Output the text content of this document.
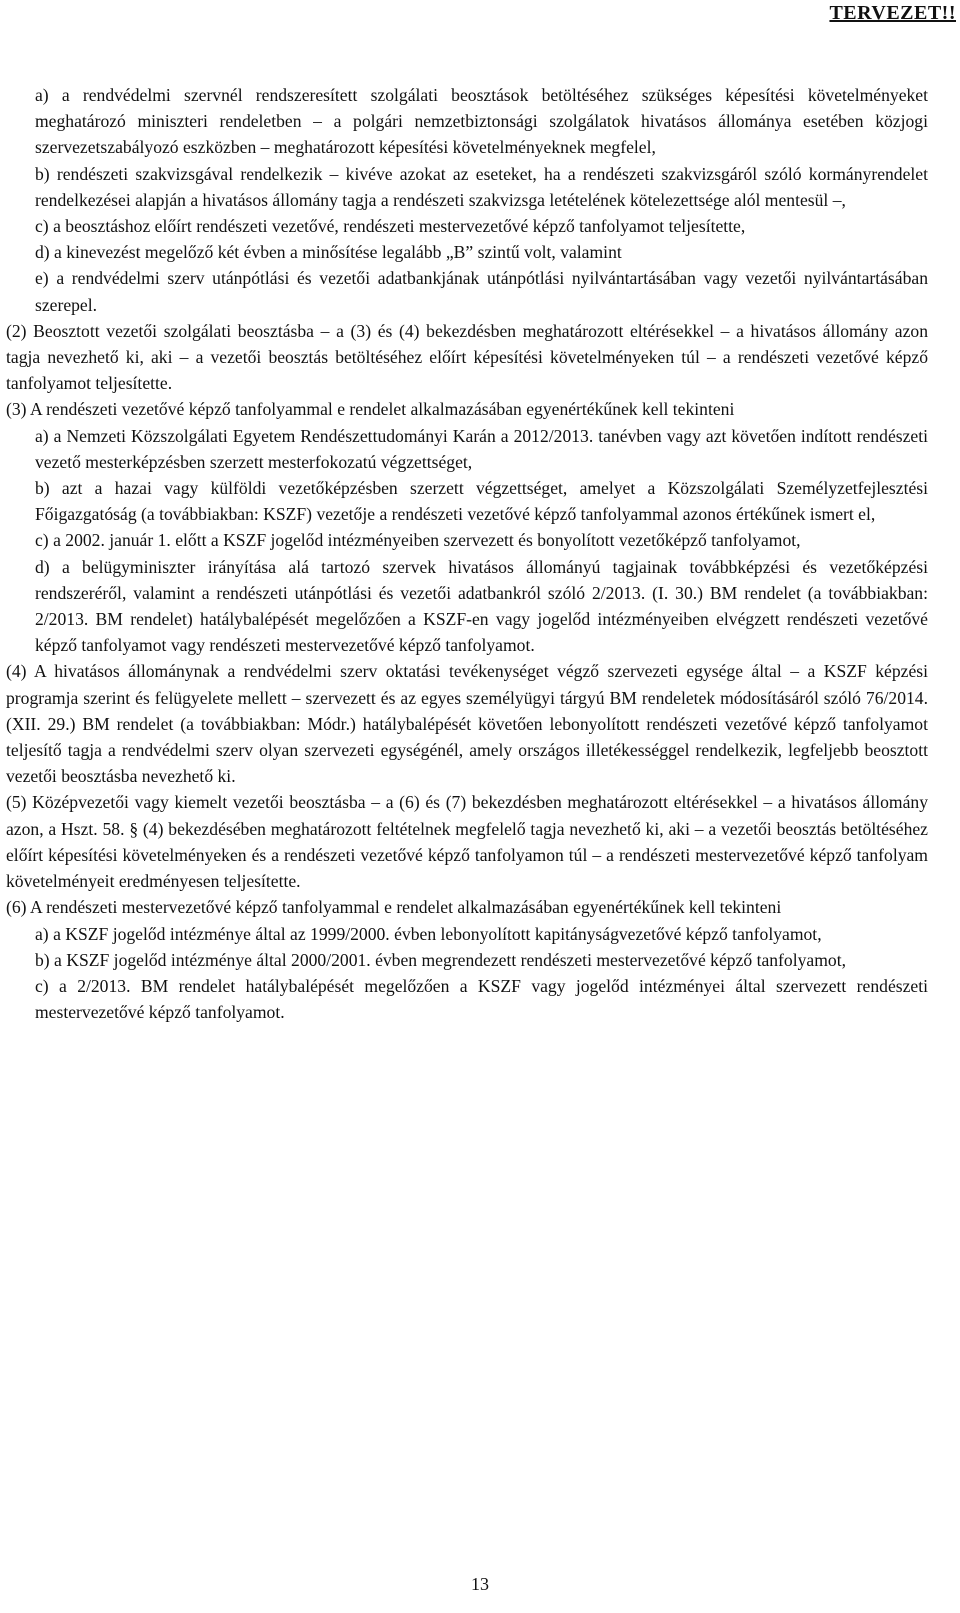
TERVEZET!!

a) a rendvédelmi szervnél rendszeresített szolgálati beosztások betöltéséhez szükséges képesítési követelményeket meghatározó miniszteri rendeletben – a polgári nemzetbiztonsági szolgálatok hivatásos állománya esetében közjogi szervezetszabályozó eszközben – meghatározott képesítési követelményeknek megfelel,

b) rendészeti szakvizsgával rendelkezik – kivéve azokat az eseteket, ha a rendészeti szakvizsgáról szóló kormányrendelet rendelkezései alapján a hivatásos állomány tagja a rendészeti szakvizsga letételének kötelezettsége alól mentesül –,

c) a beosztáshoz előírt rendészeti vezetővé, rendészeti mestervezetővé képző tanfolyamot teljesítette,

d) a kinevezést megelőző két évben a minősítése legalább „B” szintű volt, valamint

e) a rendvédelmi szerv utánpótlási és vezetői adatbankjának utánpótlási nyilvántartásában vagy vezetői nyilvántartásában szerepel.

(2) Beosztott vezetői szolgálati beosztásba – a (3) és (4) bekezdésben meghatározott eltérésekkel – a hivatásos állomány azon tagja nevezhető ki, aki – a vezetői beosztás betöltéséhez előírt képesítési követelményeken túl – a rendészeti vezetővé képző tanfolyamot teljesítette.

(3) A rendészeti vezetővé képző tanfolyammal e rendelet alkalmazásában egyenértékűnek kell tekinteni

a) a Nemzeti Közszolgálati Egyetem Rendészettudományi Karán a 2012/2013. tanévben vagy azt követően indított rendészeti vezető mesterképzésben szerzett mesterfokozatú végzettséget,

b) azt a hazai vagy külföldi vezetőképzésben szerzett végzettséget, amelyet a Közszolgálati Személyzetfejlesztési Főigazgatóság (a továbbiakban: KSZF) vezetője a rendészeti vezetővé képző tanfolyammal azonos értékűnek ismert el,

c) a 2002. január 1. előtt a KSZF jogelőd intézményeiben szervezett és bonyolított vezetőképző tanfolyamot,

d) a belügyminiszter irányítása alá tartozó szervek hivatásos állományú tagjainak továbbképzési és vezetőképzési rendszeréről, valamint a rendészeti utánpótlási és vezetői adatbankról szóló 2/2013. (I. 30.) BM rendelet (a továbbiakban: 2/2013. BM rendelet) hatálybalépését megelőzően a KSZF-en vagy jogelőd intézményeiben elvégzett rendészeti vezetővé képző tanfolyamot vagy rendészeti mestervezetővé képző tanfolyamot.

(4) A hivatásos állománynak a rendvédelmi szerv oktatási tevékenységet végző szervezeti egysége által – a KSZF képzési programja szerint és felügyelete mellett – szervezett és az egyes személyügyi tárgyú BM rendeletek módosításáról szóló 76/2014. (XII. 29.) BM rendelet (a továbbiakban: Módr.) hatálybalépését követően lebonyolított rendészeti vezetővé képző tanfolyamot teljesítő tagja a rendvédelmi szerv olyan szervezeti egységénél, amely országos illetékességgel rendelkezik, legfeljebb beosztott vezetői beosztásba nevezhető ki.

(5) Középvezetői vagy kiemelt vezetői beosztásba – a (6) és (7) bekezdésben meghatározott eltérésekkel – a hivatásos állomány azon, a Hszt. 58. § (4) bekezdésében meghatározott feltételnek megfelelő tagja nevezhető ki, aki – a vezetői beosztás betöltéséhez előírt képesítési követelményeken és a rendészeti vezetővé képző tanfolyamon túl – a rendészeti mestervezetővé képző tanfolyam követelményeit eredményesen teljesítette.

(6) A rendészeti mestervezetővé képző tanfolyammal e rendelet alkalmazásában egyenértékűnek kell tekinteni

a) a KSZF jogelőd intézménye által az 1999/2000. évben lebonyolított kapitányságvezetővé képző tanfolyamot,

b) a KSZF jogelőd intézménye által 2000/2001. évben megrendezett rendészeti mestervezetővé képző tanfolyamot,

c) a 2/2013. BM rendelet hatálybalépését megelőzően a KSZF vagy jogelőd intézményei által szervezett rendészeti mestervezetővé képző tanfolyamot.

13
